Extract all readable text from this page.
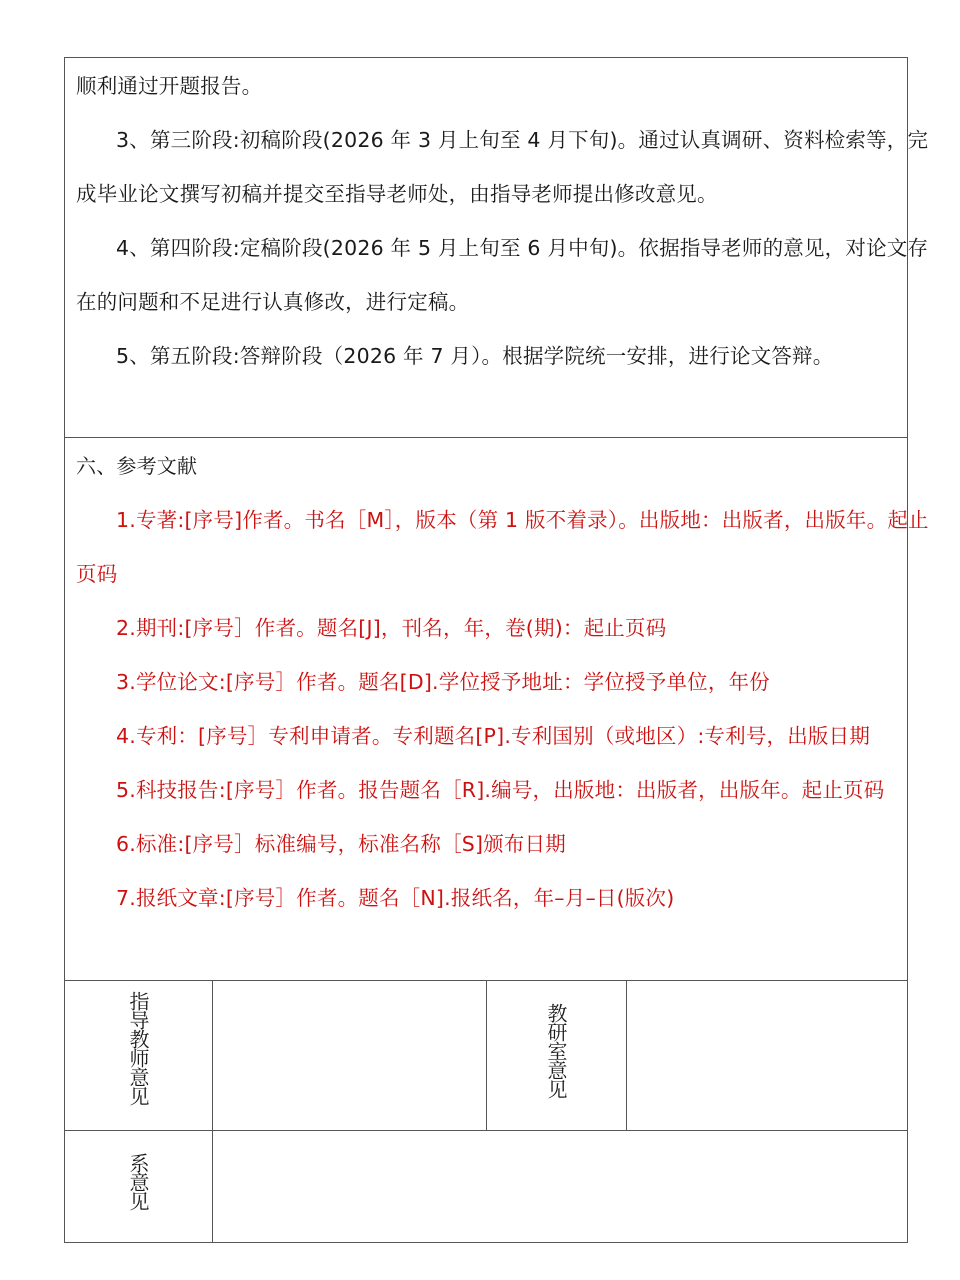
顺利通过开题报告。
3、第三阶段:初稿阶段(2026 年 3 月上旬至 4 月下旬)。通过认真调研、资料检索等，完
成毕业论文撰写初稿并提交至指导老师处，由指导老师提出修改意见。
4、第四阶段:定稿阶段(2026 年 5 月上旬至 6 月中旬)。依据指导老师的意见，对论文存
在的问题和不足进行认真修改，进行定稿。
5、第五阶段:答辩阶段（2026 年 7 月）。根据学院统一安排，进行论文答辩。
六、参考文献
1.专著:[序号]作者。书名［M］，版本（第 1 版不着录）。出版地：出版者，出版年。起止
页码
2.期刊:[序号］作者。题名[J]，刊名，年，卷(期)：起止页码
3.学位论文:[序号］作者。题名[D].学位授予地址：学位授予单位，年份
4.专利：[序号］专利申请者。专利题名[P].专利国别（或地区）:专利号，出版日期
5.科技报告:[序号］作者。报告题名［R].编号，出版地：出版者，出版年。起止页码
6.标准:[序号］标准编号，标准名称［S]颁布日期
7.报纸文章:[序号］作者。题名［N].报纸名，年–月–日(版次)
指导教师意见	教研室意见
系意见
